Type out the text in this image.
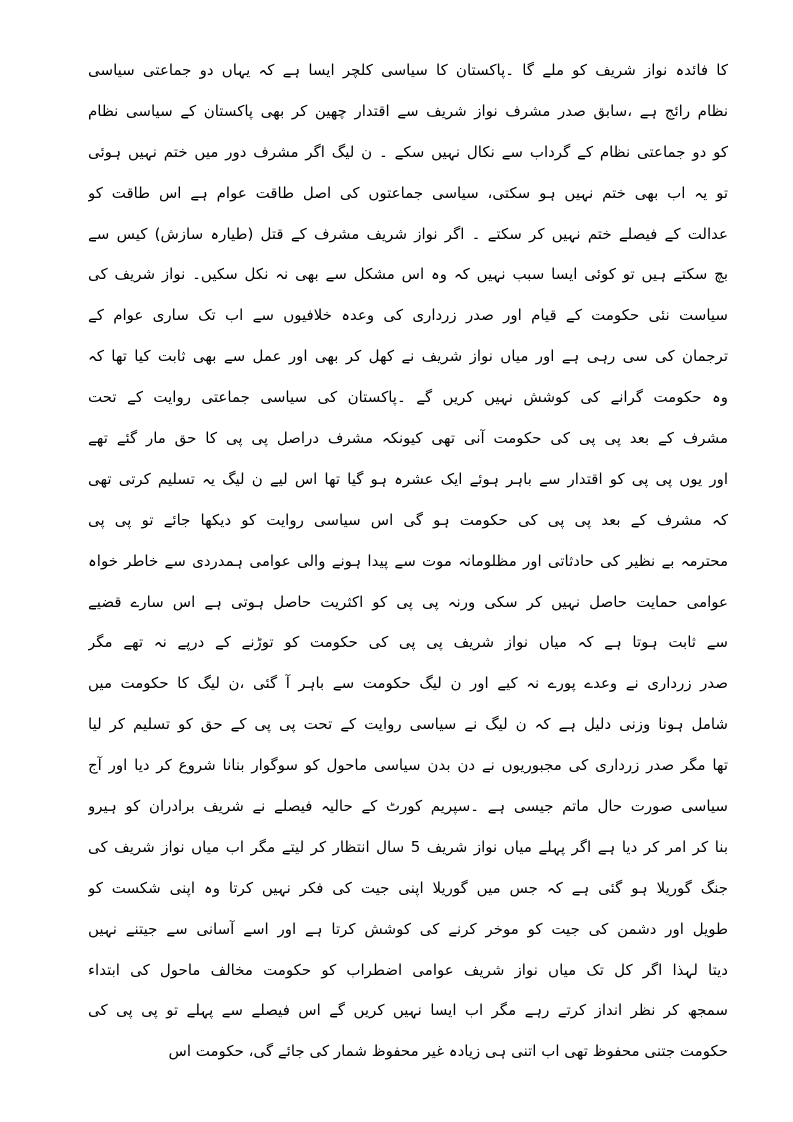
کا فائدہ نواز شریف کو ملے گا ۔پاکستان کا سیاسی کلچر ایسا ہے کہ یہاں دو جماعتی سیاسی
نظام رائج ہے ،سابق صدر مشرف نواز شریف سے اقتدار چھین کر بھی پاکستان کے سیاسی نظام
کو دو جماعتی نظام کے گرداب سے نکال نہیں سکے ۔ ن لیگ اگر مشرف دور میں ختم نہیں ہوئی
تو یہ اب بھی ختم نہیں ہو سکتی، سیاسی جماعتوں کی اصل طاقت عوام ہے اس طاقت کو
عدالت کے فیصلے ختم نہیں کر سکتے ۔ اگر نواز شریف مشرف کے قتل (طیارہ سازش) کیس سے
بچ سکتے ہیں تو کوئی ایسا سبب نہیں کہ وہ اس مشکل سے بھی نہ نکل سکیں۔ نواز شریف کی
سیاست نئی حکومت کے قیام اور صدر زرداری کی وعدہ خلافیوں سے اب تک ساری عوام کے
ترجمان کی سی رہی ہے اور میاں نواز شریف نے کھل کر بھی اور عمل سے بھی ثابت کیا تھا کہ
وہ حکومت گرانے کی کوشش نہیں کریں گے ۔پاکستان کی سیاسی جماعتی روایت کے تحت
مشرف کے بعد پی پی کی حکومت آنی تھی کیونکہ مشرف دراصل پی پی کا حق مار گئے تھے
اور یوں پی پی کو اقتدار سے باہر ہوئے ایک عشرہ ہو گیا تھا اس لیے ن لیگ یہ تسلیم کرتی تھی
کہ مشرف کے بعد پی پی کی حکومت ہو گی اس سیاسی روایت کو دیکھا جائے تو پی پی
محترمہ بے نظیر کی حادثاتی اور مظلومانہ موت سے پیدا ہونے والی عوامی ہمدردی سے خاطر خواہ
عوامی حمایت حاصل نہیں کر سکی ورنہ پی پی کو اکثریت حاصل ہوتی ہے اس سارے قضیے
سے ثابت ہوتا ہے کہ میاں نواز شریف پی پی کی حکومت کو توڑنے کے درپے نہ تھے مگر
صدر زرداری نے وعدے پورے نہ کیے اور ن لیگ حکومت سے باہر آ گئی ،ن لیگ کا حکومت میں
شامل ہونا وزنی دلیل ہے کہ ن لیگ نے سیاسی روایت کے تحت پی پی کے حق کو تسلیم کر لیا
تھا مگر صدر زرداری کی مجبوریوں نے دن بدن سیاسی ماحول کو سوگوار بنانا شروع کر دیا اور آج
سیاسی صورت حال ماتم جیسی ہے ۔سپریم کورٹ کے حالیہ فیصلے نے شریف برادران کو ہیرو
بنا کر امر کر دیا ہے اگر پہلے میاں نواز شریف 5 سال انتظار کر لیتے مگر اب میاں نواز شریف کی
جنگ گوریلا ہو گئی ہے کہ جس میں گوریلا اپنی جیت کی فکر نہیں کرتا وہ اپنی شکست کو
طویل اور دشمن کی جیت کو موخر کرنے کی کوشش کرتا ہے اور اسے آسانی سے جیتنے نہیں
دیتا لہذا اگر کل تک میاں نواز شریف عوامی اضطراب کو حکومت مخالف ماحول کی ابتداء
سمجھ کر نظر انداز کرتے رہے مگر اب ایسا نہیں کریں گے اس فیصلے سے پہلے تو پی پی کی
حکومت جتنی محفوظ تھی اب اتنی ہی زیادہ غیر محفوظ شمار کی جائے گی، حکومت اس
